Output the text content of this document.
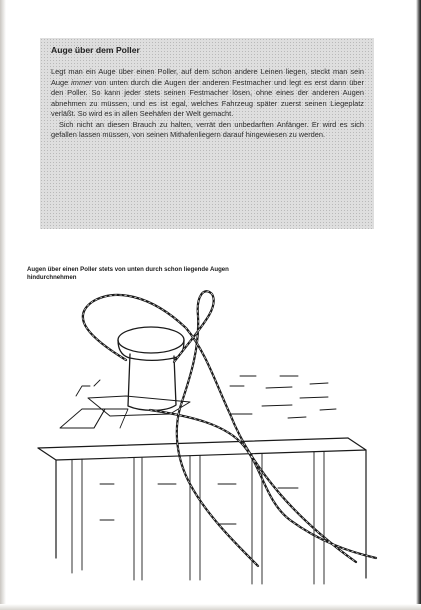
Auge über dem Poller

Legt man ein Auge über einen Poller, auf dem schon andere Leinen liegen, steckt man sein Auge immer von unten durch die Augen der anderen Festmacher und legt es erst dann über den Poller. So kann jeder stets seinen Festmacher lösen, ohne eines der anderen Augen abnehmen zu müssen, und es ist egal, welches Fahrzeug später zuerst seinen Liegeplatz verläßt. So wird es in allen Seehäfen der Welt gemacht.

Sich nicht an diesen Brauch zu halten, verrät den unbedarften Anfänger. Er wird es sich gefallen lassen müssen, von seinen Mithafenliegern darauf hingewiesen zu werden.

Augen über einen Poller stets von unten durch schon liegende Augen hindurchnehmen
